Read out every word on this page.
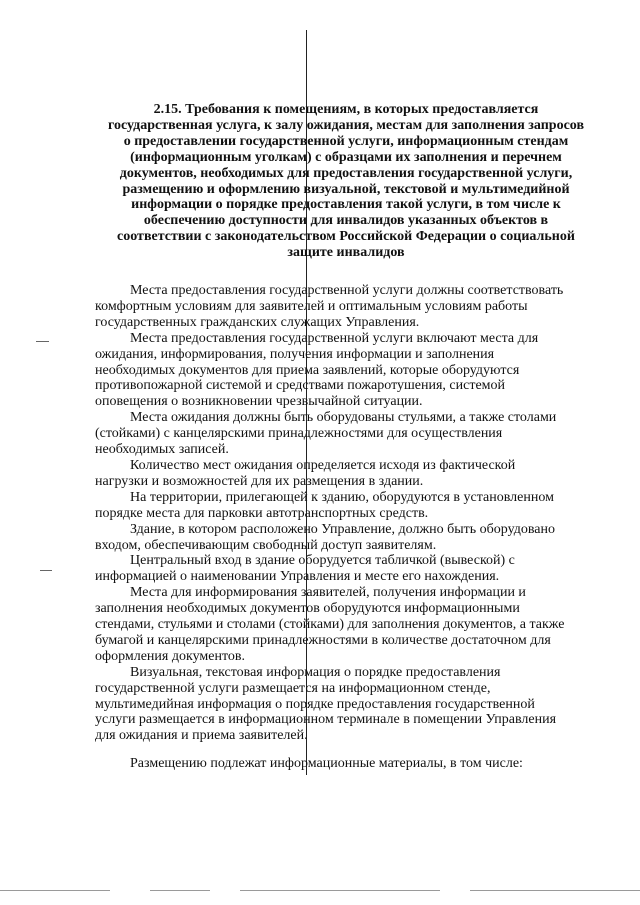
2.15. Требования к помещениям, в которых предоставляется
государственная услуга, к залу ожидания, местам для заполнения запросов
о предоставлении государственной услуги, информационным стендам
(информационным уголкам) с образцами их заполнения и перечнем
документов, необходимых для предоставления государственной услуги,
размещению и оформлению визуальной, текстовой и мультимедийной
информации о порядке предоставления такой услуги, в том числе к
обеспечению доступности для инвалидов указанных объектов в
соответствии с законодательством Российской Федерации о социальной
защите инвалидов

Места предоставления государственной услуги должны соответствовать
комфортным условиям для заявителей и оптимальным условиям работы
государственных гражданских служащих Управления.

Места предоставления государственной услуги включают места для
ожидания, информирования, получения информации и заполнения
необходимых документов для приема заявлений, которые оборудуются
противопожарной системой и средствами пожаротушения, системой
оповещения о возникновении чрезвычайной ситуации.

Места ожидания должны быть оборудованы стульями, а также столами
(стойками) с канцелярскими принадлежностями для осуществления
необходимых записей.

Количество мест ожидания определяется исходя из фактической
нагрузки и возможностей для их размещения в здании.

На территории, прилегающей к зданию, оборудуются в установленном
порядке места для парковки автотранспортных средств.

Здание, в котором расположено Управление, должно быть оборудовано
входом, обеспечивающим свободный доступ заявителям.

Центральный вход в здание оборудуется табличкой (вывеской) с
информацией о наименовании Управления и месте его нахождения.

Места для информирования заявителей, получения информации и
заполнения необходимых документов оборудуются информационными
стендами, стульями и столами (стойками) для заполнения документов, а также
бумагой и канцелярскими принадлежностями в количестве достаточном для
оформления документов.

Визуальная, текстовая информация о порядке предоставления
государственной услуги размещается на информационном стенде,
мультимедийная информация о порядке предоставления государственной
услуги размещается в информационном терминале в помещении Управления
для ожидания и приема заявителей.

Размещению подлежат информационные материалы, в том числе:
